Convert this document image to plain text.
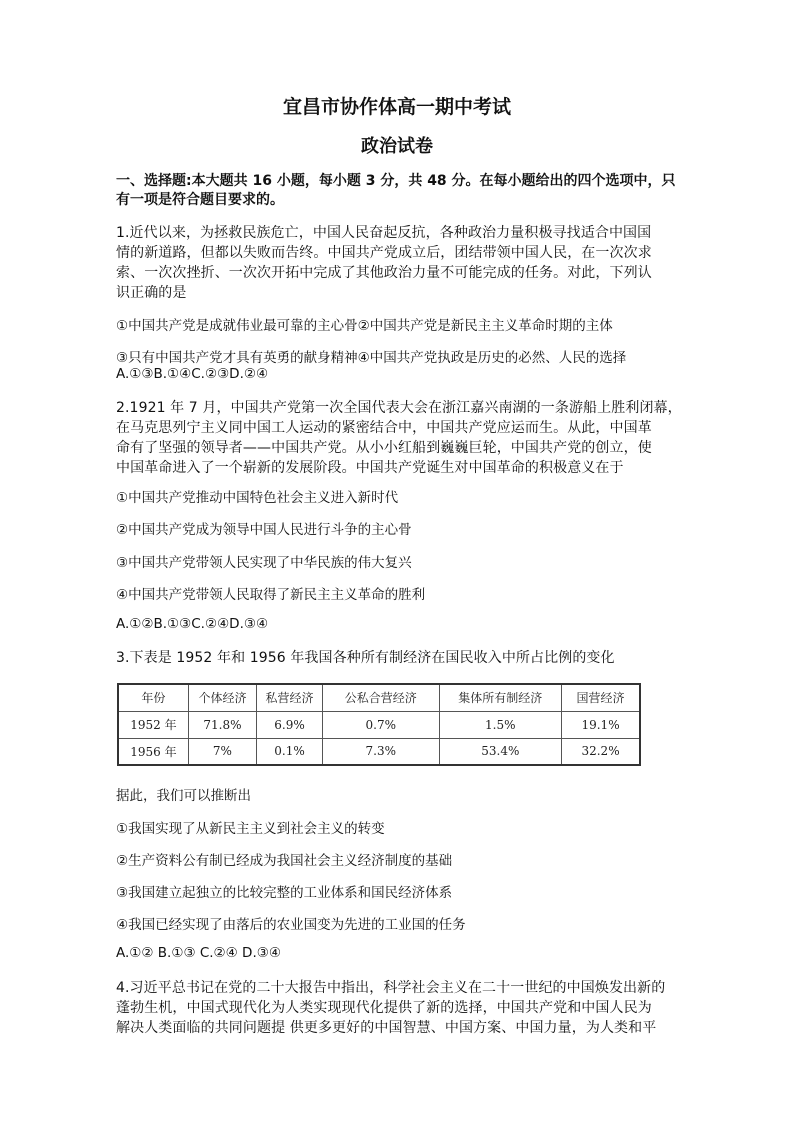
宜昌市协作体高一期中考试
政治试卷
一、选择题:本大题共 16 小题，每小题 3 分，共 48 分。在每小题给出的四个选项中，只
有一项是符合题目要求的。
1.近代以来，为拯救民族危亡，中国人民奋起反抗，各种政治力量积极寻找适合中国国
情的新道路，但都以失败而告终。中国共产党成立后，团结带领中国人民，在一次次求
索、一次次挫折、一次次开拓中完成了其他政治力量不可能完成的任务。对此，下列认
识正确的是
①中国共产党是成就伟业最可靠的主心骨②中国共产党是新民主主义革命时期的主体
③只有中国共产党才具有英勇的献身精神④中国共产党执政是历史的必然、人民的选择
A.①③B.①④C.②③D.②④
2.1921 年 7 月，中国共产党第一次全国代表大会在浙江嘉兴南湖的一条游船上胜利闭幕，
在马克思列宁主义同中国工人运动的紧密结合中，中国共产党应运而生。从此，中国革
命有了坚强的领导者——中国共产党。从小小红船到巍巍巨轮，中国共产党的创立，使
中国革命进入了一个崭新的发展阶段。中国共产党诞生对中国革命的积极意义在于
①中国共产党推动中国特色社会主义进入新时代
②中国共产党成为领导中国人民进行斗争的主心骨
③中国共产党带领人民实现了中华民族的伟大复兴
④中国共产党带领人民取得了新民主主义革命的胜利
A.①②B.①③C.②④D.③④
3.下表是 1952 年和 1956 年我国各种所有制经济在国民收入中所占比例的变化
年份	个体经济	私营经济	公私合营经济	集体所有制经济	国营经济
1952 年	71.8%	6.9%	0.7%	1.5%	19.1%
1956 年	7%	0.1%	7.3%	53.4%	32.2%
据此，我们可以推断出
①我国实现了从新民主主义到社会主义的转变
②生产资料公有制已经成为我国社会主义经济制度的基础
③我国建立起独立的比较完整的工业体系和国民经济体系
④我国已经实现了由落后的农业国变为先进的工业国的任务
A.①② B.①③ C.②④ D.③④
4.习近平总书记在党的二十大报告中指出，科学社会主义在二十一世纪的中国焕发出新的
蓬勃生机，中国式现代化为人类实现现代化提供了新的选择，中国共产党和中国人民为
解决人类面临的共同问题提 供更多更好的中国智慧、中国方案、中国力量，为人类和平
